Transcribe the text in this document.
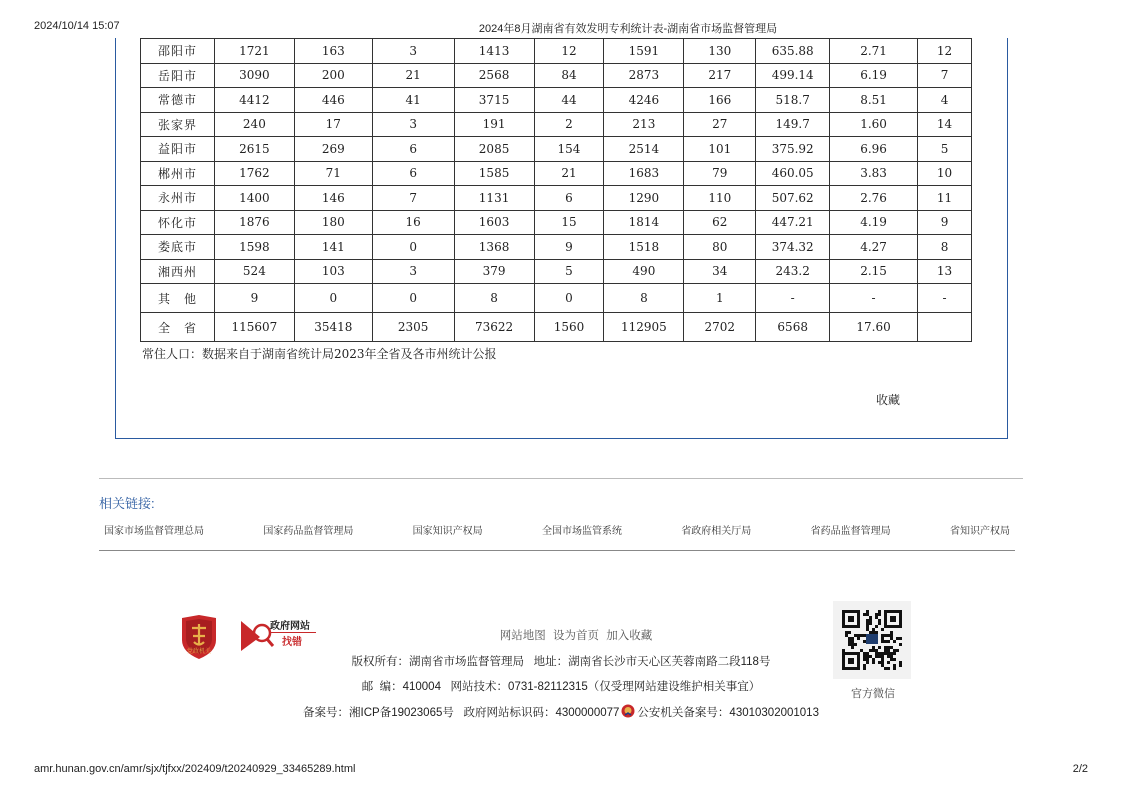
2024/10/14 15:07	2024年8月湖南省有效发明专利统计表-湖南省市场监督管理局
邵阳市	1721	163	3	1413	12	1591	130	635.88	2.71	12
岳阳市	3090	200	21	2568	84	2873	217	499.14	6.19	7
常德市	4412	446	41	3715	44	4246	166	518.7	8.51	4
张家界	240	17	3	191	2	213	27	149.7	1.60	14
益阳市	2615	269	6	2085	154	2514	101	375.92	6.96	5
郴州市	1762	71	6	1585	21	1683	79	460.05	3.83	10
永州市	1400	146	7	1131	6	1290	110	507.62	2.76	11
怀化市	1876	180	16	1603	15	1814	62	447.21	4.19	9
娄底市	1598	141	0	1368	9	1518	80	374.32	4.27	8
湘西州	524	103	3	379	5	490	34	243.2	2.15	13
其　他	9	0	0	8	0	8	1	-	-	-
全　省	115607	35418	2305	73622	1560	112905	2702	6568	17.60	
常住人口：数据来自于湖南省统计局2023年全省及各市州统计公报
收藏
相关链接:
国家市场监督管理总局	国家药品监督管理局	国家知识产权局	全国市场监管系统	省政府相关厅局	省药品监督管理局	省知识产权局
党政机关
政府网站
找错
网站地图 设为首页 加入收藏
版权所有：湖南省市场监督管理局   地址：湖南省长沙市天心区芙蓉南路二段118号
邮  编：410004   网站技术：0731-82112315（仅受理网站建设维护相关事宜）
备案号：湘ICP备19023065号   政府网站标识码：4300000077 公安机关备案号：43010302001013
官方微信
amr.hunan.gov.cn/amr/sjx/tjfxx/202409/t20240929_33465289.html	2/2
